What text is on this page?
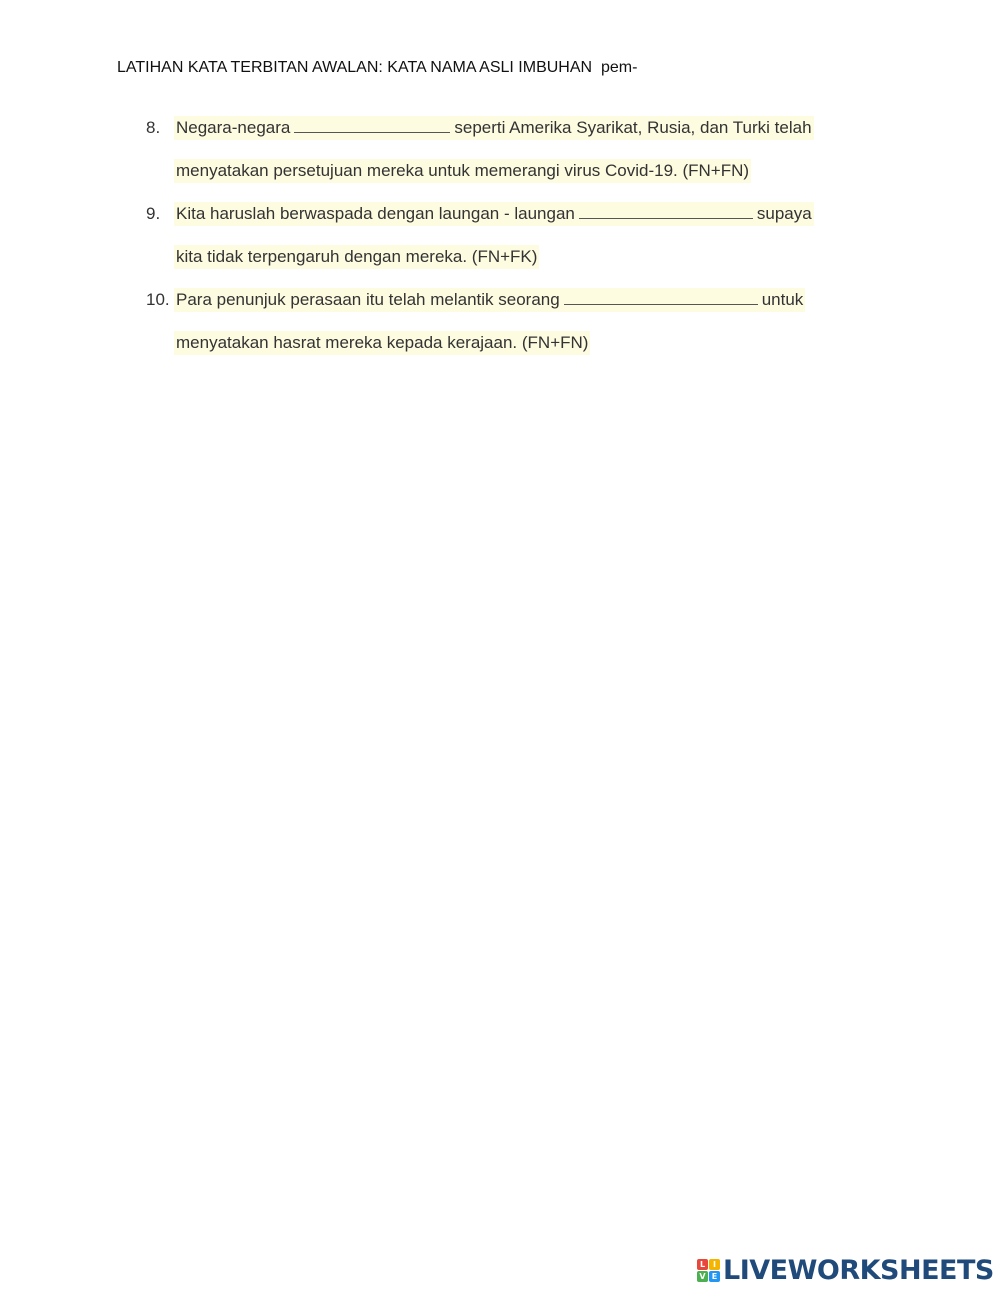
LATIHAN KATA TERBITAN AWALAN: KATA NAMA ASLI IMBUHAN  pem-
8. Negara-negara	seperti Amerika Syarikat, Rusia, dan Turki telah
menyatakan persetujuan mereka untuk memerangi virus Covid-19. (FN+FN)
9. Kita haruslah berwaspada dengan laungan - laungan	supaya
kita tidak terpengaruh dengan mereka. (FN+FK)
10. Para penunjuk perasaan itu telah melantik seorang	untuk
menyatakan hasrat mereka kepada kerajaan. (FN+FN)
L I
V E LIVEWORKSHEETS
